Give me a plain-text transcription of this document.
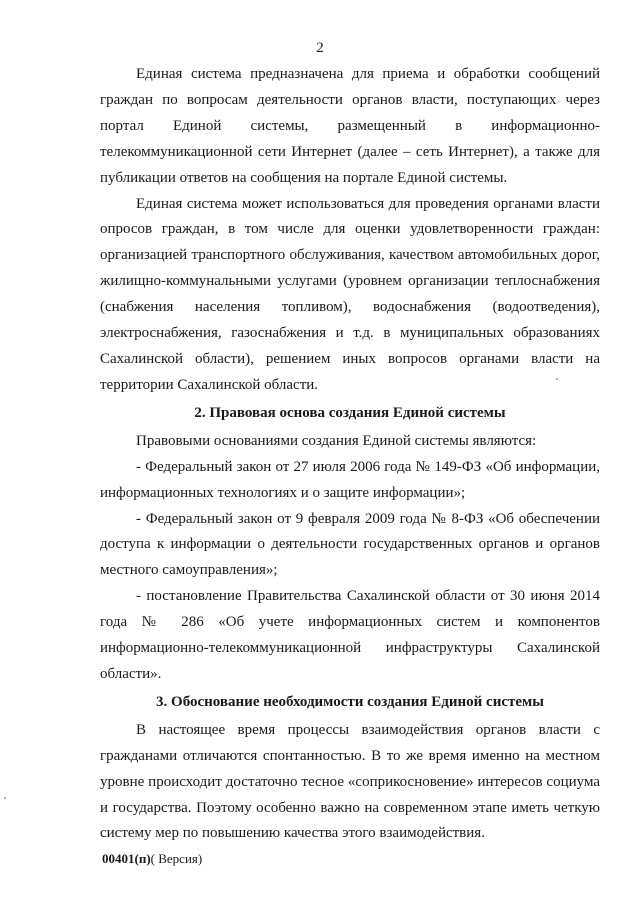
2

Единая система предназначена для приема и обработки сообщений граждан по вопросам деятельности органов власти, поступающих через портал Единой системы, размещенный в информационно-телекоммуникационной сети Интернет (далее – сеть Интернет), а также для публикации ответов на сообщения на портале Единой системы.

Единая система может использоваться для проведения органами власти опросов граждан, в том числе для оценки удовлетворенности граждан: организацией транспортного обслуживания, качеством автомобильных дорог, жилищно-коммунальными услугами (уровнем организации теплоснабжения (снабжения населения топливом), водоснабжения (водоотведения), электроснабжения, газоснабжения и т.д. в муниципальных образованиях Сахалинской области), решением иных вопросов органами власти на территории Сахалинской области.

2. Правовая основа создания Единой системы

Правовыми основаниями создания Единой системы являются:

- Федеральный закон от 27 июля 2006 года № 149-ФЗ «Об информации, информационных технологиях и о защите информации»;

- Федеральный закон от 9 февраля 2009 года № 8-ФЗ «Об обеспечении доступа к информации о деятельности государственных органов и органов местного самоуправления»;

- постановление Правительства Сахалинской области от 30 июня 2014 года № 286 «Об учете информационных систем и компонентов информационно-телекоммуникационной инфраструктуры Сахалинской области».

3. Обоснование необходимости создания Единой системы

В настоящее время процессы взаимодействия органов власти с гражданами отличаются спонтанностью. В то же время именно на местном уровне происходит достаточно тесное «соприкосновение» интересов социума и государства. Поэтому особенно важно на современном этапе иметь четкую систему мер по повышению качества этого взаимодействия.

00401(п)( Версия)
